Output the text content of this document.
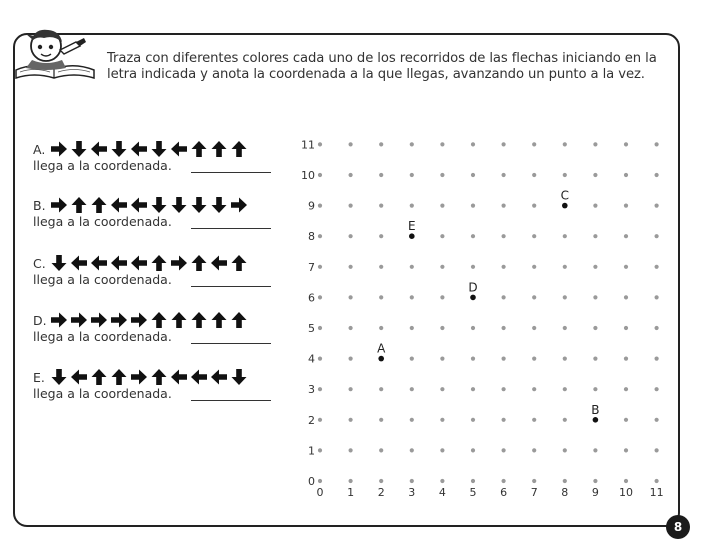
Traza con diferentes colores cada uno de los recorridos de las flechas iniciando en la letra indicada y anota la coordenada a la que llegas, avanzando un punto a la vez.
A.
llega a la coordenada.
B.
llega a la coordenada.
C.
llega a la coordenada.
D.
llega a la coordenada.
E.
llega a la coordenada.
0
1
2
3
4
5
6
7
8
9
10
11
0 1 2 3 4 5 6 7 8 9 10 11
A
B
C
D
E
8
